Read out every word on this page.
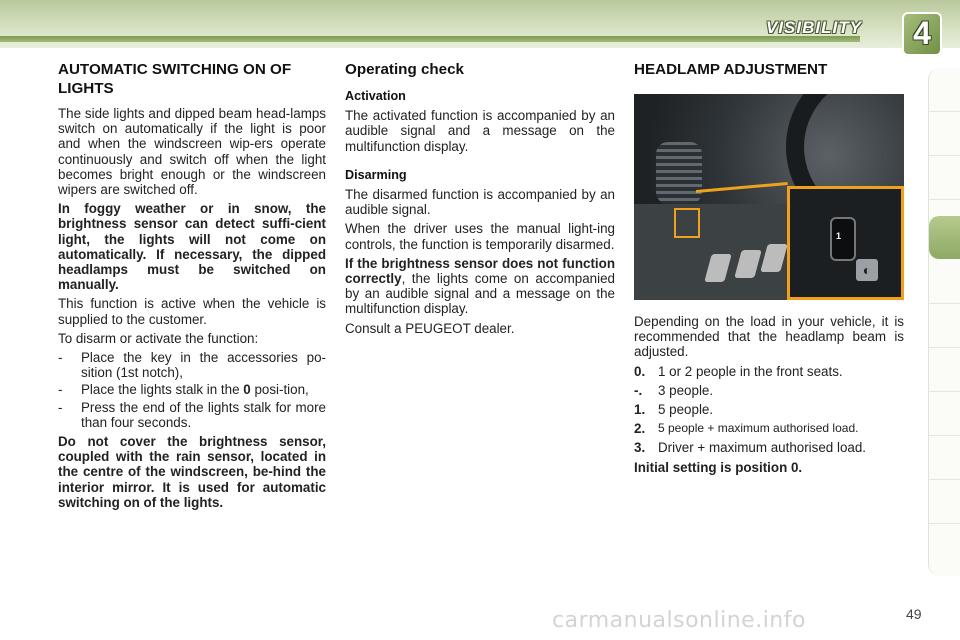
VISIBILITY	4
AUTOMATIC SWITCHING ON OF LIGHTS

The side lights and dipped beam head-lamps switch on automatically if the light is poor and when the windscreen wip-ers operate continuously and switch off when the light becomes bright enough or the windscreen wipers are switched off.

In foggy weather or in snow, the brightness sensor can detect suffi-cient light, the lights will not come on automatically. If necessary, the dipped headlamps must be switched on manually.

This function is active when the vehicle is supplied to the customer.

To disarm or activate the function:

- Place the key in the accessories po-sition (1st notch),
- Place the lights stalk in the 0 posi-tion,
- Press the end of the lights stalk for more than four seconds.

Do not cover the brightness sensor, coupled with the rain sensor, located in the centre of the windscreen, be-hind the interior mirror. It is used for automatic switching on of the lights.

Operating check
Activation

The activated function is accompanied by an audible signal and a message on the multifunction display.

Disarming

The disarmed function is accompanied by an audible signal.

When the driver uses the manual light-ing controls, the function is temporarily disarmed.

If the brightness sensor does not function correctly, the lights come on accompanied by an audible signal and a message on the multifunction display.

Consult a PEUGEOT dealer.

HEADLAMP ADJUSTMENT
1
◐

Depending on the load in your vehicle, it is recommended that the headlamp beam is adjusted.

0. 1 or 2 people in the front seats.
-.	3 people.
1. 5 people.
2.	5 people + maximum authorised load.
3. Driver + maximum authorised load.

Initial setting is position 0.

carmanualsonline.info	49
